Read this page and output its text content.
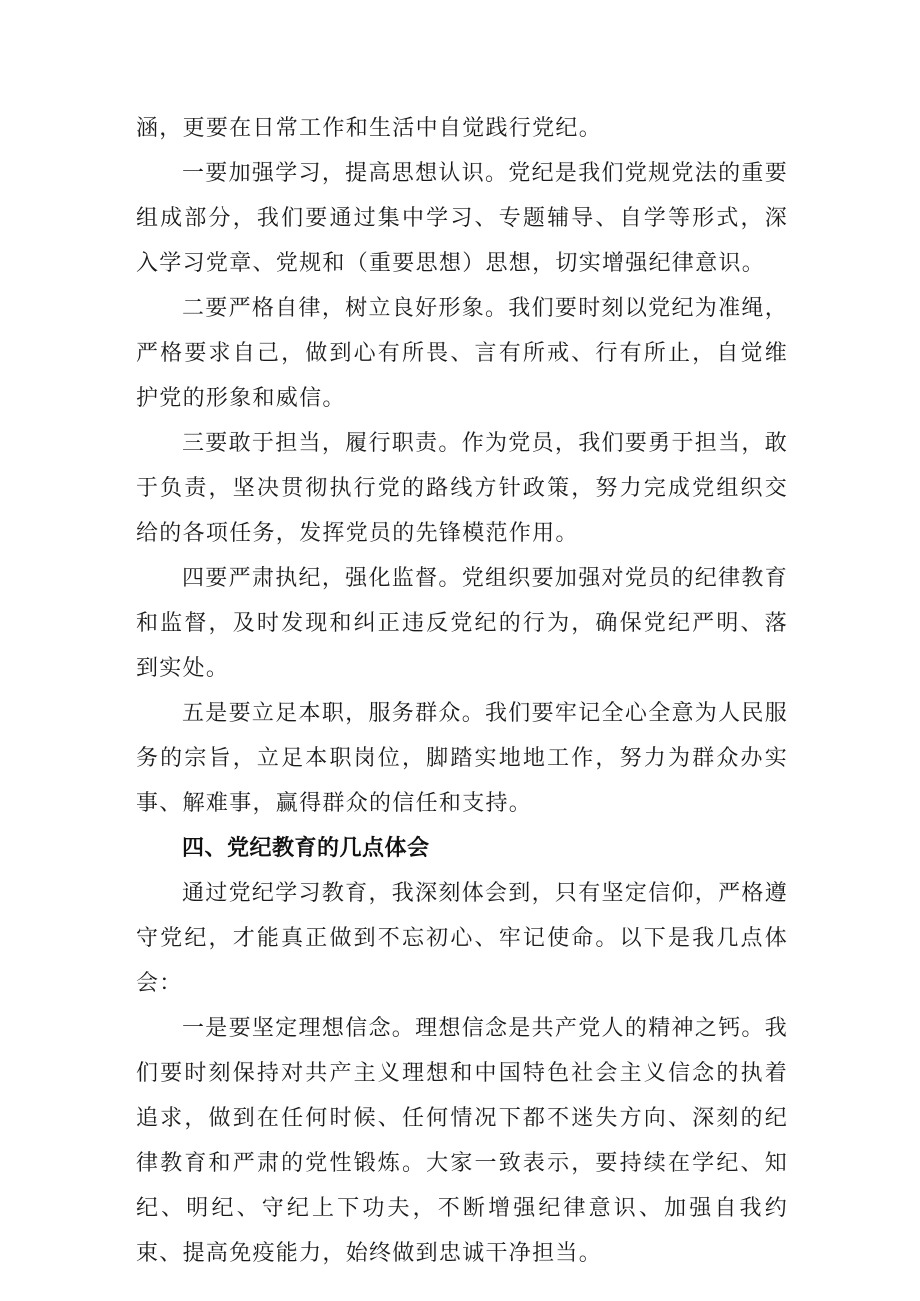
涵，更要在日常工作和生活中自觉践行党纪。

一要加强学习，提高思想认识。党纪是我们党规党法的重要组成部分，我们要通过集中学习、专题辅导、自学等形式，深入学习党章、党规和（重要思想）思想，切实增强纪律意识。

二要严格自律，树立良好形象。我们要时刻以党纪为准绳，严格要求自己，做到心有所畏、言有所戒、行有所止，自觉维护党的形象和威信。

三要敢于担当，履行职责。作为党员，我们要勇于担当，敢于负责，坚决贯彻执行党的路线方针政策，努力完成党组织交给的各项任务，发挥党员的先锋模范作用。

四要严肃执纪，强化监督。党组织要加强对党员的纪律教育和监督，及时发现和纠正违反党纪的行为，确保党纪严明、落到实处。

五是要立足本职，服务群众。我们要牢记全心全意为人民服务的宗旨，立足本职岗位，脚踏实地地工作，努力为群众办实事、解难事，赢得群众的信任和支持。

四、党纪教育的几点体会

通过党纪学习教育，我深刻体会到，只有坚定信仰，严格遵守党纪，才能真正做到不忘初心、牢记使命。以下是我几点体会：

一是要坚定理想信念。理想信念是共产党人的精神之钙。我们要时刻保持对共产主义理想和中国特色社会主义信念的执着追求，做到在任何时候、任何情况下都不迷失方向、深刻的纪律教育和严肃的党性锻炼。大家一致表示，要持续在学纪、知纪、明纪、守纪上下功夫，不断增强纪律意识、加强自我约束、提高免疫能力，始终做到忠诚干净担当。
